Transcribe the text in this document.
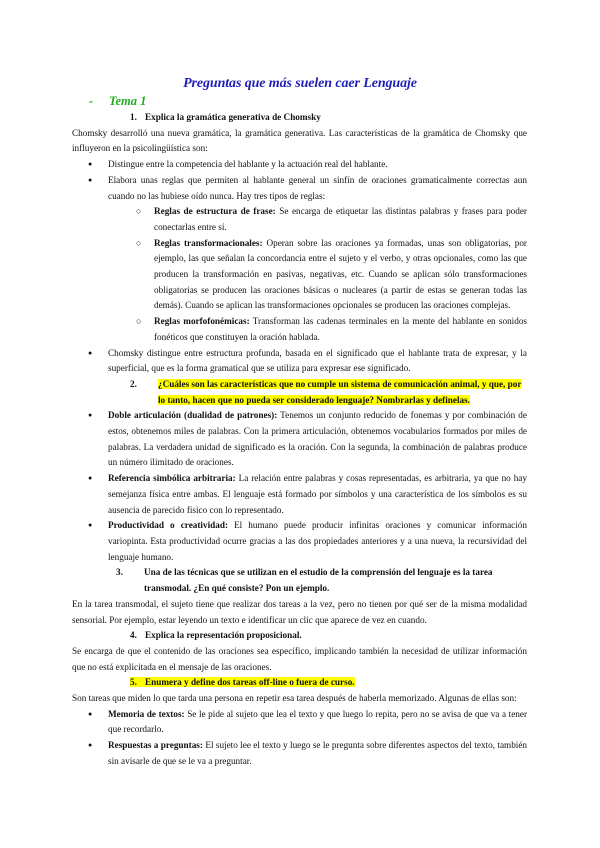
Preguntas que más suelen caer Lenguaje
- Tema 1

1. Explica la gramática generativa de Chomsky

Chomsky desarrolló una nueva gramática, la gramática generativa. Las características de la gramática de Chomsky que influyeron en la psicolingüística son:

● Distingue entre la competencia del hablante y la actuación real del hablante.
● Elabora unas reglas que permiten al hablante general un sinfín de oraciones gramaticalmente correctas aun cuando no las hubiese oído nunca. Hay tres tipos de reglas:
○ Reglas de estructura de frase: Se encarga de etiquetar las distintas palabras y frases para poder conectarlas entre sí.
○ Reglas transformacionales: Operan sobre las oraciones ya formadas, unas son obligatorias, por ejemplo, las que señalan la concordancia entre el sujeto y el verbo, y otras opcionales, como las que producen la transformación en pasivas, negativas, etc. Cuando se aplican sólo transformaciones obligatorias se producen las oraciones básicas o nucleares (a partir de estas se generan todas las demás). Cuando se aplican las transformaciones opcionales se producen las oraciones complejas.
○ Reglas morfofonémicas: Transforman las cadenas terminales en la mente del hablante en sonidos fonéticos que constituyen la oración hablada.
● Chomsky distingue entre estructura profunda, basada en el significado que el hablante trata de expresar, y la superficial, que es la forma gramatical que se utiliza para expresar ese significado.

2. ¿Cuáles son las características que no cumple un sistema de comunicación animal, y que, por lo tanto, hacen que no pueda ser considerado lenguaje? Nombrarlas y definelas.

● Doble articulación (dualidad de patrones): Tenemos un conjunto reducido de fonemas y por combinación de estos, obtenemos miles de palabras. Con la primera articulación, obtenemos vocabularios formados por miles de palabras. La verdadera unidad de significado es la oración. Con la segunda, la combinación de palabras produce un número ilimitado de oraciones.
● Referencia simbólica arbitraria: La relación entre palabras y cosas representadas, es arbitraria, ya que no hay semejanza física entre ambas. El lenguaje está formado por símbolos y una característica de los símbolos es su ausencia de parecido físico con lo representado.
● Productividad o creatividad: El humano puede producir infinitas oraciones y comunicar información variopinta. Esta productividad ocurre gracias a las dos propiedades anteriores y a una nueva, la recursividad del lenguaje humano.

3. Una de las técnicas que se utilizan en el estudio de la comprensión del lenguaje es la tarea transmodal. ¿En qué consiste? Pon un ejemplo.

En la tarea transmodal, el sujeto tiene que realizar dos tareas a la vez, pero no tienen por qué ser de la misma modalidad sensorial. Por ejemplo, estar leyendo un texto e identificar un clic que aparece de vez en cuando.

4. Explica la representación proposicional.

Se encarga de que el contenido de las oraciones sea específico, implicando también la necesidad de utilizar información que no está explicitada en el mensaje de las oraciones.

5. Enumera y define dos tareas off-line o fuera de curso.

Son tareas que miden lo que tarda una persona en repetir esa tarea después de haberla memorizado. Algunas de ellas son:

● Memoria de textos: Se le pide al sujeto que lea el texto y que luego lo repita, pero no se avisa de que va a tener que recordarlo.
● Respuestas a preguntas: El sujeto lee el texto y luego se le pregunta sobre diferentes aspectos del texto, también sin avisarle de que se le va a preguntar.
